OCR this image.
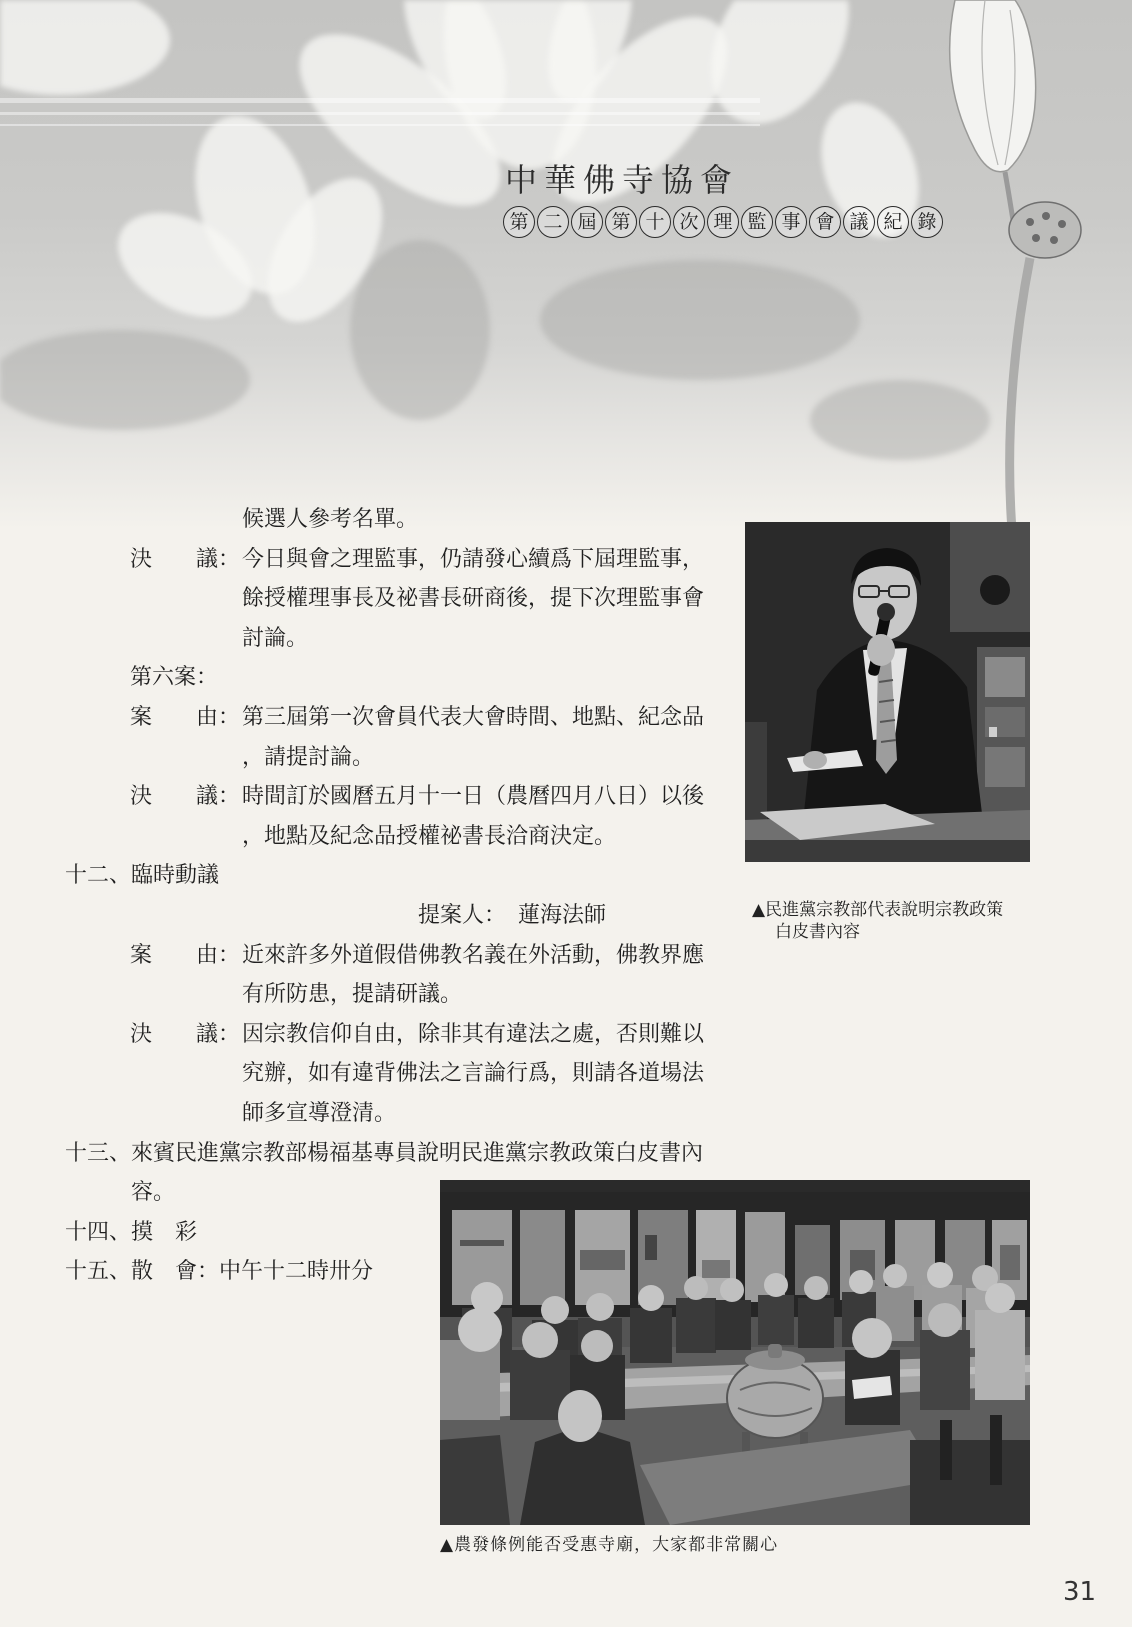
中華佛寺協會
第 二 屆 第 十 次 理 監 事 會 議 紀 錄
候選人參考名單。
決　　議：今日與會之理監事，仍請發心續爲下屆理監事，
餘授權理事長及祕書長研商後，提下次理監事會
討論。
第六案：
案　　由：第三屆第一次會員代表大會時間、地點、紀念品
，請提討論。
決　　議：時間訂於國曆五月十一日（農曆四月八日）以後
，地點及紀念品授權祕書長洽商決定。
十二、臨時動議
提案人： 蓮海法師
案　　由：近來許多外道假借佛教名義在外活動，佛教界應
有所防患，提請研議。
決　　議：因宗教信仰自由，除非其有違法之處，否則難以
究辦，如有違背佛法之言論行爲，則請各道場法
師多宣導澄清。
十三、來賓民進黨宗教部楊福基專員說明民進黨宗教政策白皮書內
容。
十四、摸　彩
十五、散　會：中午十二時卅分
▲民進黨宗教部代表說明宗教政策
白皮書內容
▲農發條例能否受惠寺廟，大家都非常關心
31
